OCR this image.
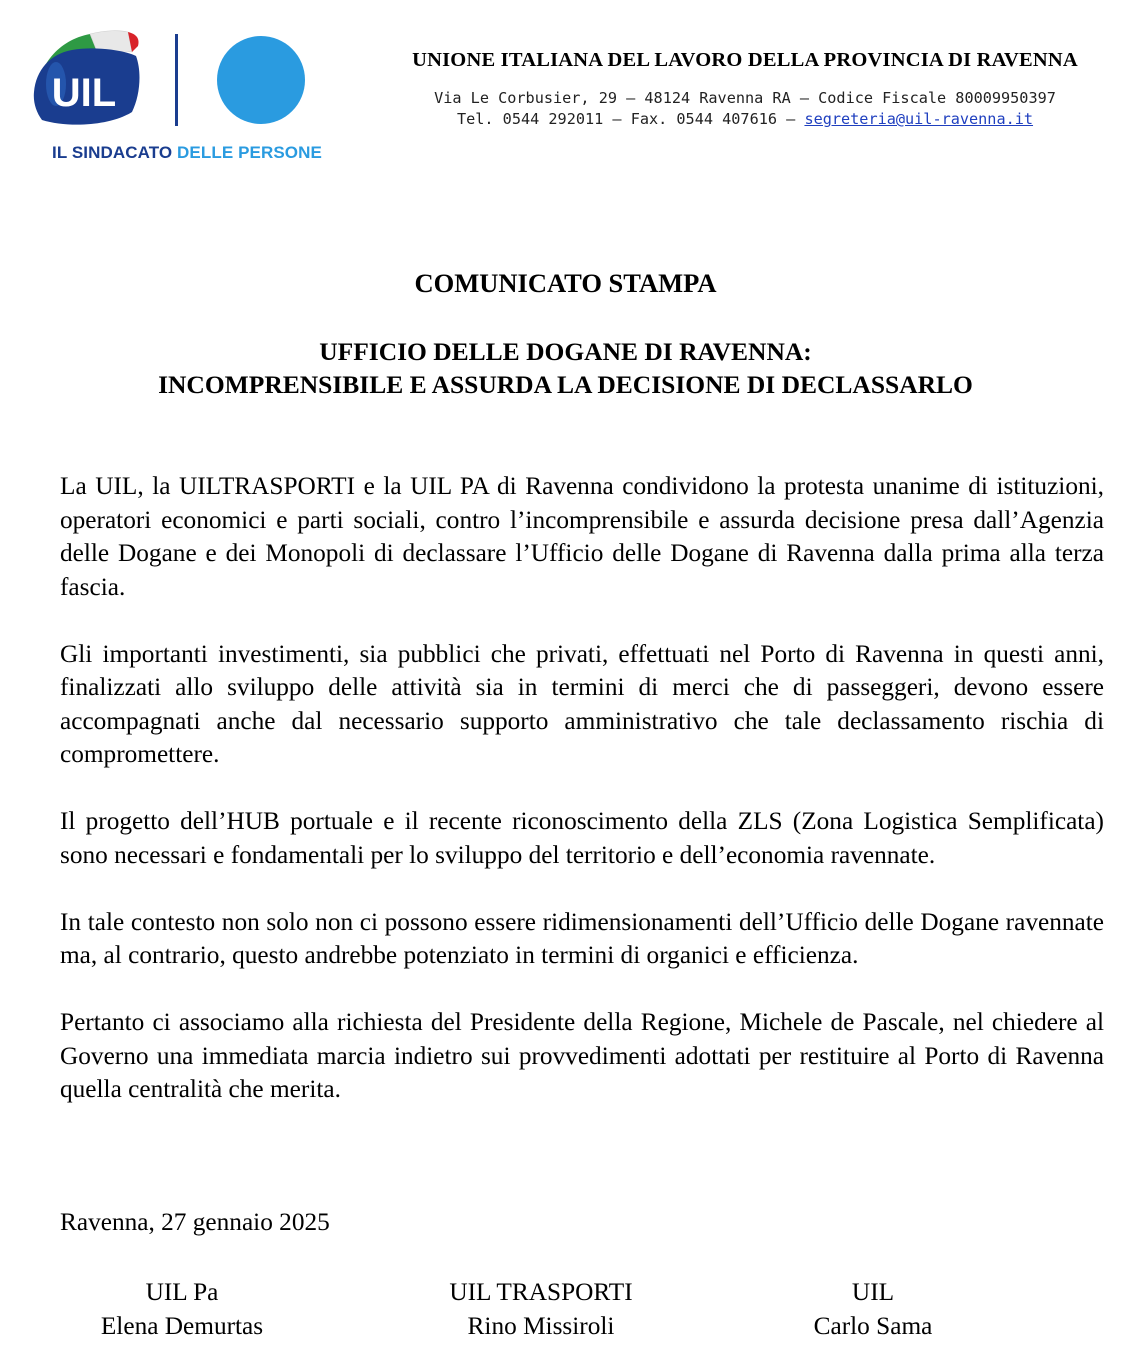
UIL
IL SINDACATO DELLE PERSONE
UNIONE ITALIANA DEL LAVORO DELLA PROVINCIA DI RAVENNA
Via Le Corbusier, 29 – 48124 Ravenna RA – Codice Fiscale 80009950397
Tel. 0544 292011 – Fax. 0544 407616 – segreteria@uil-ravenna.it
COMUNICATO STAMPA
UFFICIO DELLE DOGANE DI RAVENNA:
INCOMPRENSIBILE E ASSURDA LA DECISIONE DI DECLASSARLO

La UIL, la UILTRASPORTI e la UIL PA di Ravenna condividono la protesta unanime di istituzioni, operatori economici e parti sociali, contro l’incomprensibile e assurda decisione presa dall’Agenzia delle Dogane e dei Monopoli di declassare l’Ufficio delle Dogane di Ravenna dalla prima alla terza fascia.

Gli importanti investimenti, sia pubblici che privati, effettuati nel Porto di Ravenna in questi anni, finalizzati allo sviluppo delle attività sia in termini di merci che di passeggeri, devono essere accompagnati anche dal necessario supporto amministrativo che tale declassamento rischia di compromettere.

Il progetto dell’HUB portuale e il recente riconoscimento della ZLS (Zona Logistica Semplificata) sono necessari e fondamentali per lo sviluppo del territorio e dell’economia ravennate.

In tale contesto non solo non ci possono essere ridimensionamenti dell’Ufficio delle Dogane ravennate ma, al contrario, questo andrebbe potenziato in termini di organici e efficienza.

Pertanto ci associamo alla richiesta del Presidente della Regione, Michele de Pascale, nel chiedere al Governo una immediata marcia indietro sui provvedimenti adottati per restituire al Porto di Ravenna quella centralità che merita.

Ravenna, 27 gennaio 2025
UIL Pa
Elena Demurtas
UIL TRASPORTI
Rino Missiroli
UIL
Carlo Sama
